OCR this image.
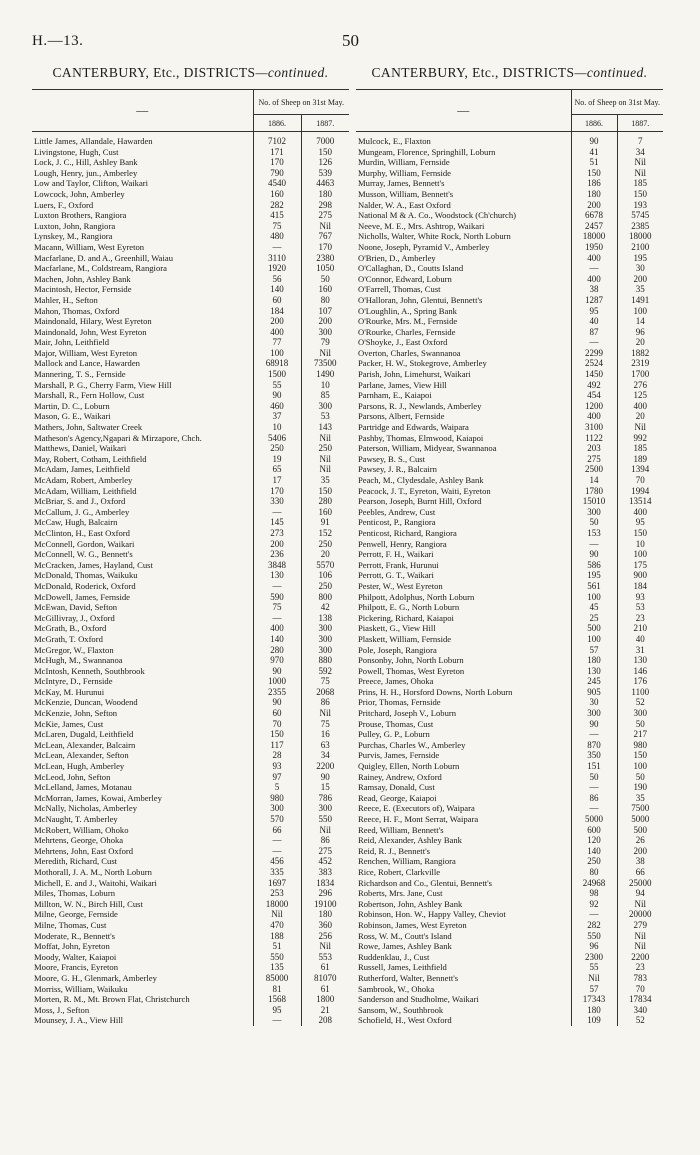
H.—13.	50
CANTERBURY, Etc., DISTRICTS—continued.
—	No. of Sheep on 31st May.	
	1886.	1887.
Little James, Allandale, Hawarden	7102	7000
Livingstone, Hugh, Cust	171	150
Lock, J. C., Hill, Ashley Bank	170	126
Lough, Henry, jun., Amberley	790	539
Low and Taylor, Clifton, Waikari	4540	4463
Lowcock, John, Amberley	160	180
Luers, F., Oxford	282	298
Luxton Brothers, Rangiora	415	275
Luxton, John, Rangiora	75	Nil
Lynskey, M., Rangiora	480	767
Macann, William, West Eyreton	—	170
Macfarlane, D. and A., Greenhill, Waiau	3110	2380
Macfarlane, M., Coldstream, Rangiora	1920	1050
Machen, John, Ashley Bank	56	50
Macintosh, Hector, Fernside	140	160
Mahler, H., Sefton	60	80
Mahon, Thomas, Oxford	184	107
Maindonald, Hilary, West Eyreton	200	200
Maindonald, John, West Eyreton	400	300
Mair, John, Leithfield	77	79
Major, William, West Eyreton	100	Nil
Mallock and Lance, Hawarden	68918	73500
Mannering, T. S., Fernside	1500	1490
Marshall, P. G., Cherry Farm, View Hill	55	10
Marshall, R., Fern Hollow, Cust	90	85
Martin, D. C., Loburn	460	300
Mason, G. E., Waikari	37	53
Mathers, John, Saltwater Creek	10	143
Matheson's Agency,Ngapari & Mirzapore, Chch.	5406	Nil
Matthews, Daniel, Waikari	250	250
May, Robert, Cotham, Leithfield	19	Nil
McAdam, James, Leithfield	65	Nil
McAdam, Robert, Amberley	17	35
McAdam, William, Leithfield	170	150
McBriar, S. and J., Oxford	330	280
McCallum, J. G., Amberley	—	160
McCaw, Hugh, Balcairn	145	91
McClinton, H., East Oxford	273	152
McConnell, Gordon, Waikari	200	250
McConnell, W. G., Bennett's	236	20
McCracken, James, Hayland, Cust	3848	5570
McDonald, Thomas, Waikuku	130	106
McDonald, Roderick, Oxford	—	250
McDowell, James, Fernside	590	800
McEwan, David, Sefton	75	42
McGillivray, J., Oxford	—	138
McGrath, B., Oxford	400	300
McGrath, T. Oxford	140	300
McGregor, W., Flaxton	280	300
McHugh, M., Swannanoa	970	880
McIntosh, Kenneth, Southbrook	90	592
McIntyre, D., Fernside	1000	75
McKay, M. Hurunui	2355	2068
McKenzie, Duncan, Woodend	90	86
McKenzie, John, Sefton	60	Nil
McKie, James, Cust	70	75
McLaren, Dugald, Leithfield	150	16
McLean, Alexander, Balcairn	117	63
McLean, Alexander, Sefton	28	34
McLean, Hugh, Amberley	93	2200
McLeod, John, Sefton	97	90
McLelland, James, Motanau	5	15
McMorran, James, Kowai, Amberley	980	786
McNally, Nicholas, Amberley	300	300
McNaught, T. Amberley	570	550
McRobert, William, Ohoko	66	Nil
Mehrtens, George, Ohoka	—	86
Mehrtens, John, East Oxford	—	275
Meredith, Richard, Cust	456	452
Mothorall, J. A. M., North Loburn	335	383
Michell, E. and J., Waitohi, Waikari	1697	1834
Miles, Thomas, Loburn	253	296
Millton, W. N., Birch Hill, Cust	18000	19100
Milne, George, Fernside	Nil	180
Milne, Thomas, Cust	470	360
Moderate, R., Bennett's	188	256
Moffat, John, Eyreton	51	Nil
Moody, Walter, Kaiapoi	550	553
Moore, Francis, Eyreton	135	61
Moore, G. H., Glenmark, Amberley	85000	81070
Morriss, William, Waikuku	81	61
Morten, R. M., Mt. Brown Flat, Christchurch	1568	1800
Moss, J., Sefton	95	21
Mounsey, J. A., View Hill	—	208
CANTERBURY, Etc., DISTRICTS—continued.
—	No. of Sheep on 31st May.	
	1886.	1887.
Mulcock, E., Flaxton	90	7
Mungeam, Florence, Springhill, Loburn	41	34
Murdin, William, Fernside	51	Nil
Murphy, William, Fernside	150	Nil
Murray, James, Bennett's	186	185
Musson, William, Bennett's	180	150
Nalder, W. A., East Oxford	200	193
National M & A. Co., Woodstock (Ch'church)	6678	5745
Neeve, M. E., Mrs. Ashtrop, Waikari	2457	2385
Nicholls, Walter, White Rock, North Loburn	18000	18000
Noone, Joseph, Pyramid V., Amberley	1950	2100
O'Brien, D., Amberley	400	195
O'Callaghan, D., Coutts Island	—	30
O'Connor, Edward, Loburn	400	200
O'Farrell, Thomas, Cust	38	35
O'Halloran, John, Glentui, Bennett's	1287	1491
O'Loughlin, A., Spring Bank	95	100
O'Rourke, Mrs. M., Fernside	40	14
O'Rourke, Charles, Fernside	87	96
O'Shoyke, J., East Oxford	—	20
Overton, Charles, Swannanoa	2299	1882
Packer, H. W., Stokegrove, Amberley	2524	2319
Parish, John, Limehurst, Waikari	1450	1700
Parlane, James, View Hill	492	276
Parnham, E., Kaiapoi	454	125
Parsons, R. J., Newlands, Amberley	1200	400
Parsons, Albert, Fernside	400	20
Partridge and Edwards, Waipara	3100	Nil
Pashby, Thomas, Elmwood, Kaiapoi	1122	992
Paterson, William, Midyear, Swannanoa	203	185
Pawsey, B. S., Cust	275	189
Pawsey, J. R., Balcairn	2500	1394
Peach, M., Clydesdale, Ashley Bank	14	70
Peacock, J. T., Eyreton, Waiti, Eyreton	1780	1994
Pearson, Joseph, Burnt Hill, Oxford	15010	13514
Peebles, Andrew, Cust	300	400
Penticost, P., Rangiora	50	95
Penticost, Richard, Rangiora	153	150
Penwell, Henry, Rangiora	—	10
Perrott, F. H., Waikari	90	100
Perrott, Frank, Hurunui	586	175
Perrott, G. T., Waikari	195	900
Pester, W., West Eyreton	561	184
Philpott, Adolphus, North Loburn	100	93
Philpott, E. G., North Loburn	45	53
Pickering, Richard, Kaiapoi	25	23
Piaskett, G., View Hill	500	210
Plaskett, William, Fernside	100	40
Pole, Joseph, Rangiora	57	31
Ponsonby, John, North Loburn	180	130
Powell, Thomas, West Eyreton	130	146
Preece, James, Ohoka	245	176
Prins, H. H., Horsford Downs, North Loburn	905	1100
Prior, Thomas, Fernside	30	52
Pritchard, Joseph V., Loburn	300	300
Prouse, Thomas, Cust	90	50
Pulley, G. P., Loburn	—	217
Purchas, Charles W., Amberley	870	980
Purvis, James, Fernside	350	150
Quigley, Ellen, North Loburn	151	100
Rainey, Andrew, Oxford	50	50
Ramsay, Donald, Cust	—	190
Read, George, Kaiapoi	86	35
Reece, E. (Executors of), Waipara	—	7500
Reece, H. F., Mont Serrat, Waipara	5000	5000
Reed, William, Bennett's	600	500
Reid, Alexander, Ashley Bank	120	26
Reid, R. J., Bennett's	140	200
Renchen, William, Rangiora	250	38
Rice, Robert, Clarkville	80	66
Richardson and Co., Glentui, Bennett's	24968	25000
Roberts, Mrs. Jane, Cust	98	94
Robertson, John, Ashley Bank	92	Nil
Robinson, Hon. W., Happy Valley, Cheviot	—	20000
Robinson, James, West Eyreton	282	279
Ross, W. M., Coutt's Island	550	Nil
Rowe, James, Ashley Bank	96	Nil
Ruddenklau, J., Cust	2300	2200
Russell, James, Leithfield	55	23
Rutherford, Walter, Bennett's	Nil	783
Sambrook, W., Ohoka	57	70
Sanderson and Studholme, Waikari	17343	17834
Sansom, W., Southbrook	180	340
Schofield, H., West Oxford	109	52
